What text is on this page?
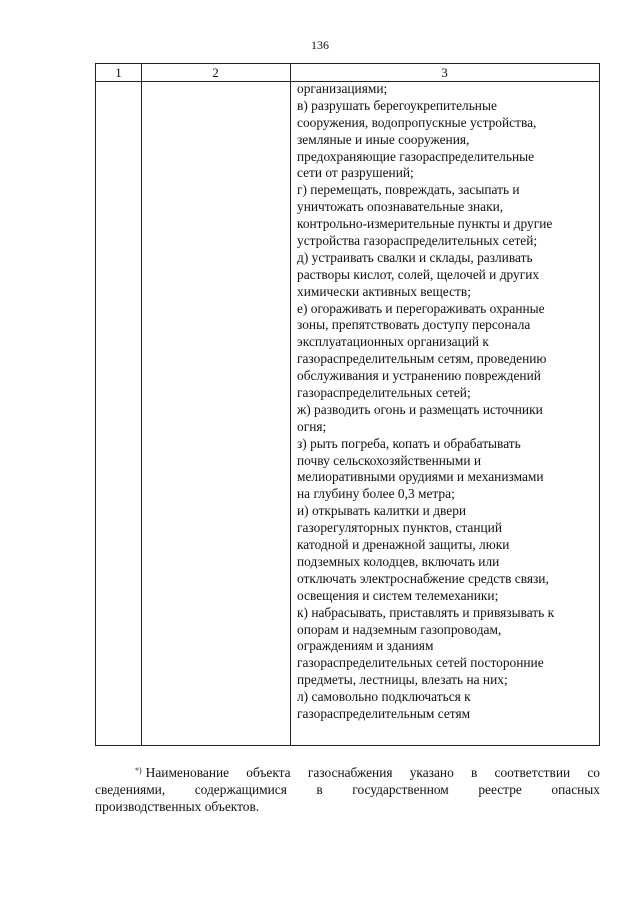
136
1	2	3
организациями;
в) разрушать берегоукрепительные
сооружения, водопропускные устройства,
земляные и иные сооружения,
предохраняющие газораспределительные
сети от разрушений;
г) перемещать, повреждать, засыпать и
уничтожать опознавательные знаки,
контрольно-измерительные пункты и другие
устройства газораспределительных сетей;
д) устраивать свалки и склады, разливать
растворы кислот, солей, щелочей и других
химически активных веществ;
е) огораживать и перегораживать охранные
зоны, препятствовать доступу персонала
эксплуатационных организаций к
газораспределительным сетям, проведению
обслуживания и устранению повреждений
газораспределительных сетей;
ж) разводить огонь и размещать источники
огня;
з) рыть погреба, копать и обрабатывать
почву сельскохозяйственными и
мелиоративными орудиями и механизмами
на глубину более 0,3 метра;
и) открывать калитки и двери
газорегуляторных пунктов, станций
катодной и дренажной защиты, люки
подземных колодцев, включать или
отключать электроснабжение средств связи,
освещения и систем телемеханики;
к) набрасывать, приставлять и привязывать к
опорам и надземным газопроводам,
ограждениям и зданиям
газораспределительных сетей посторонние
предметы, лестницы, влезать на них;
л) самовольно подключаться к
газораспределительным сетям

*) Наименование объекта газоснабжения указано в соответствии со

сведениями, содержащимися в государственном реестре опасных

производственных объектов.
